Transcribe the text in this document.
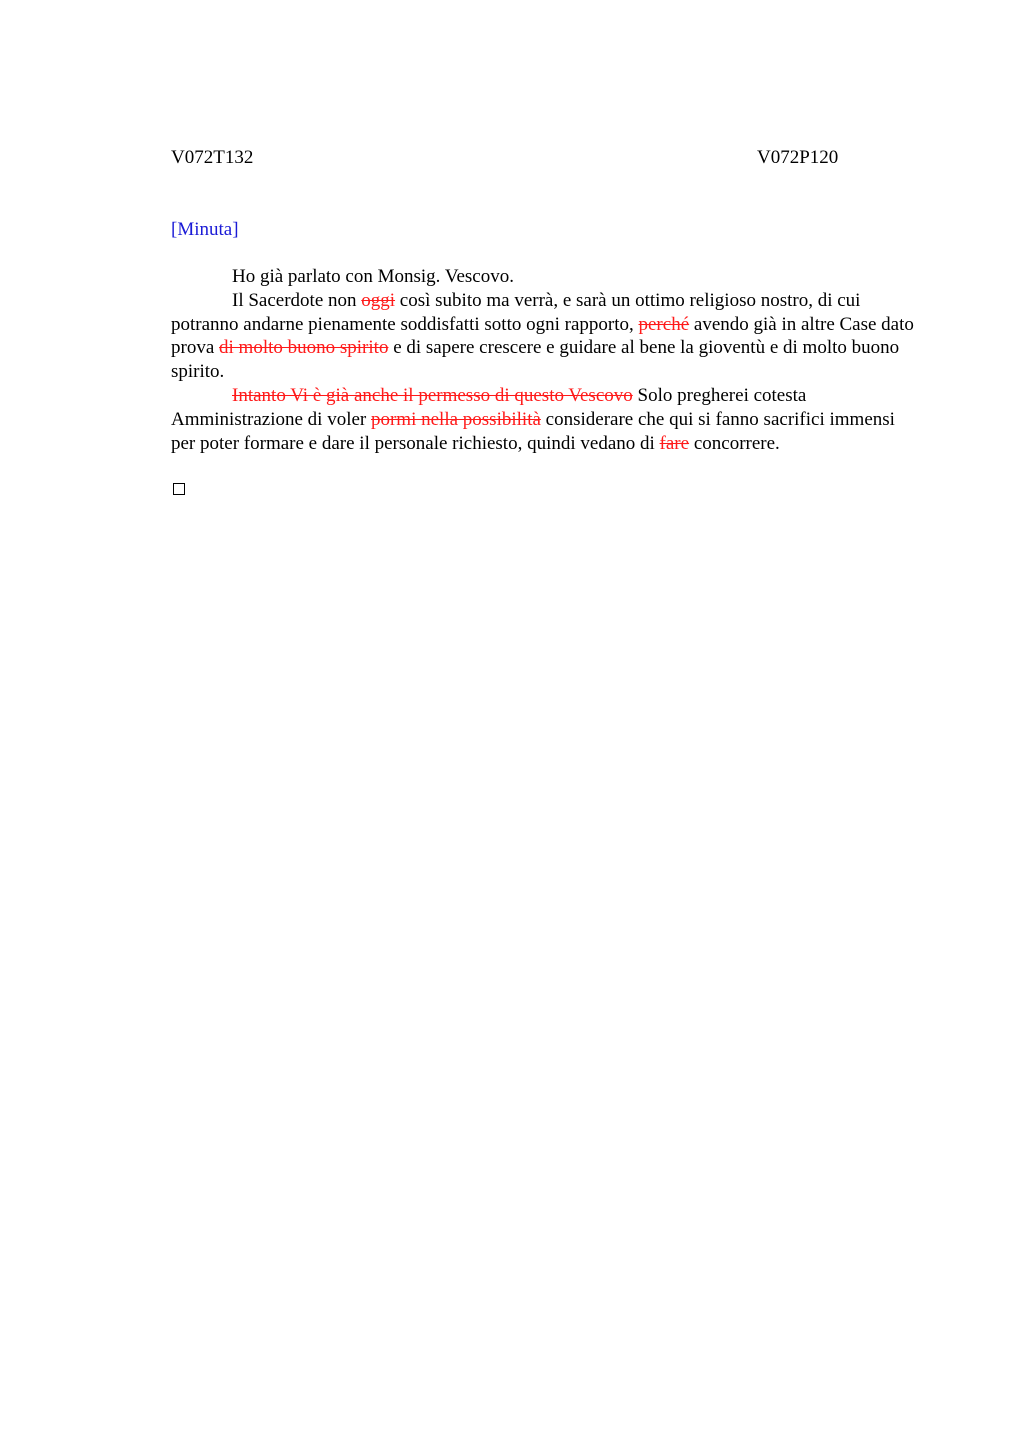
V072T132	V072P120
[Minuta]

Ho già parlato con Monsig. Vescovo.

Il Sacerdote non oggi così subito ma verrà, e sarà un ottimo religioso nostro, di cui potranno andarne pienamente soddisfatti sotto ogni rapporto, perché avendo già in altre Case dato prova di molto buono spirito e di sapere crescere e guidare al bene la gioventù e di molto buono spirito.

Intanto Vi è già anche il permesso di questo Vescovo Solo pregherei cotesta Amministrazione di voler pormi nella possibilità considerare che qui si fanno sacrifici immensi per poter formare e dare il personale richiesto, quindi vedano di fare concorrere.
